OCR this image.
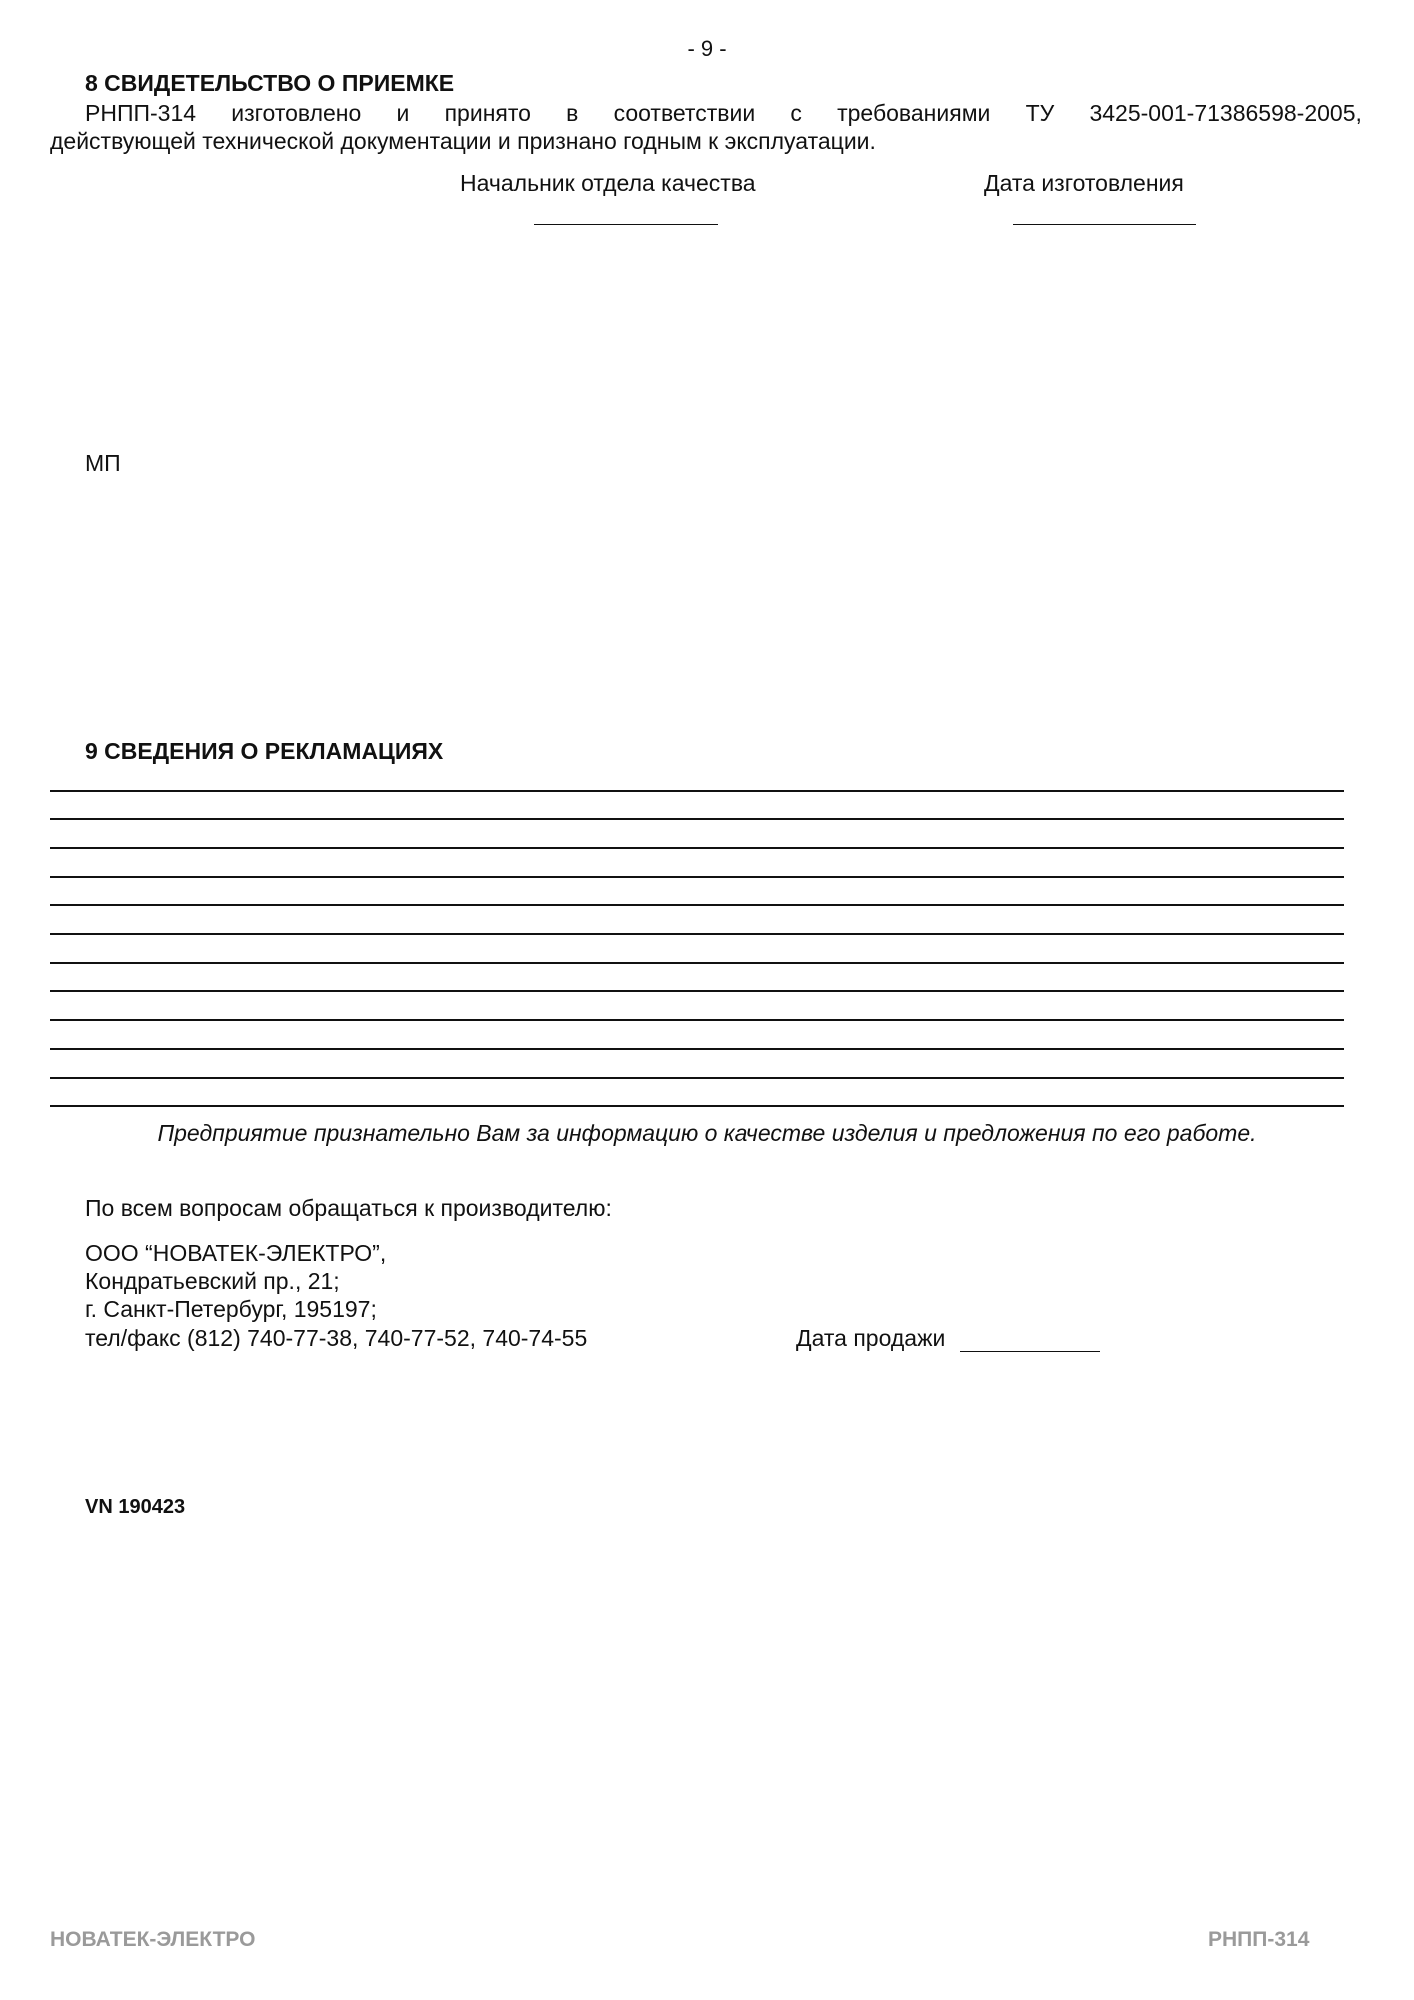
- 9 -
8 СВИДЕТЕЛЬСТВО О ПРИЕМКЕ
РНПП-314 изготовлено и принято в соответствии с требованиями ТУ 3425-001-71386598-2005,
действующей технической документации и признано годным к эксплуатации.
Начальник отдела качества	Дата изготовления
МП
9 СВЕДЕНИЯ О РЕКЛАМАЦИЯХ
Предприятие признательно Вам за информацию о качестве изделия и предложения по его работе.
По всем вопросам обращаться к производителю:
ООО “НОВАТЕК-ЭЛЕКТРО”,
Кондратьевский пр., 21;
г. Санкт-Петербург, 195197;
тел/факс (812) 740-77-38, 740-77-52, 740-74-55	Дата продажи
VN 190423
НОВАТЕК-ЭЛЕКТРО	РНПП-314
